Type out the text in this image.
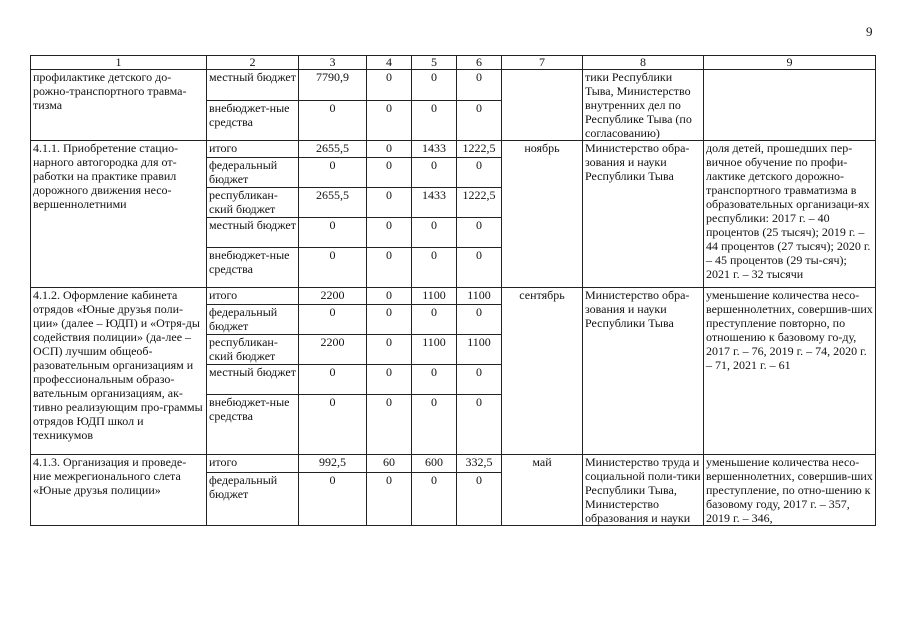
9
1	2	3	4	5	6	7	8	9
профилактике детского до-рожно-транспортного травма-тизма	местный бюджет	7790,9	0	0	0		тики Республики Тыва, Министерство внутренних дел по Республике Тыва (по согласованию)	
	внебюджет-ные средства	0	0	0	0			
4.1.1. Приобретение стацио-нарного автогородка для от-работки на практике правил дорожного движения несо-вершеннолетними	итого	2655,5	0	1433	1222,5	ноябрь	Министерство обра-зования и науки Республики Тыва	доля детей, прошедших пер-вичное обучение по профи-лактике детского дорожно-транспортного травматизма в образовательных организаци-ях республики: 2017 г. – 40 процентов (25 тысяч); 2019 г. – 44 процентов (27 тысяч); 2020 г. – 45 процентов (29 ты-сяч); 2021 г. – 32 тысячи
	федеральный бюджет	0	0	0	0			
	республикан-ский бюджет	2655,5	0	1433	1222,5			
	местный бюджет	0	0	0	0			
	внебюджет-ные средства	0	0	0	0			
4.1.2. Оформление кабинета отрядов «Юные друзья поли-ции» (далее – ЮДП) и «Отря-ды содействия полиции» (да-лее – ОСП) лучшим общеоб-разовательным организациям и профессиональным образо-вательным организациям, ак-тивно реализующим про-граммы отрядов ЮДП школ и техникумов	итого	2200	0	1100	1100	сентябрь	Министерство обра-зования и науки Республики Тыва	уменьшение количества несо-вершеннолетних, совершив-ших преступление повторно, по отношению к базовому го-ду, 2017 г. – 76, 2019 г. – 74, 2020 г. – 71, 2021 г. – 61
	федеральный бюджет	0	0	0	0			
	республикан-ский бюджет	2200	0	1100	1100			
	местный бюджет	0	0	0	0			
	внебюджет-ные средства	0	0	0	0			
4.1.3. Организация и проведе-ние межрегионального слета «Юные друзья полиции»	итого	992,5	60	600	332,5	май	Министерство труда и социальной поли-тики Республики Тыва, Министерство образования и науки	уменьшение количества несо-вершеннолетних, совершив-ших преступление, по отно-шению к базовому году, 2017 г. – 357, 2019 г. – 346,
	федеральный бюджет	0	0	0	0			
